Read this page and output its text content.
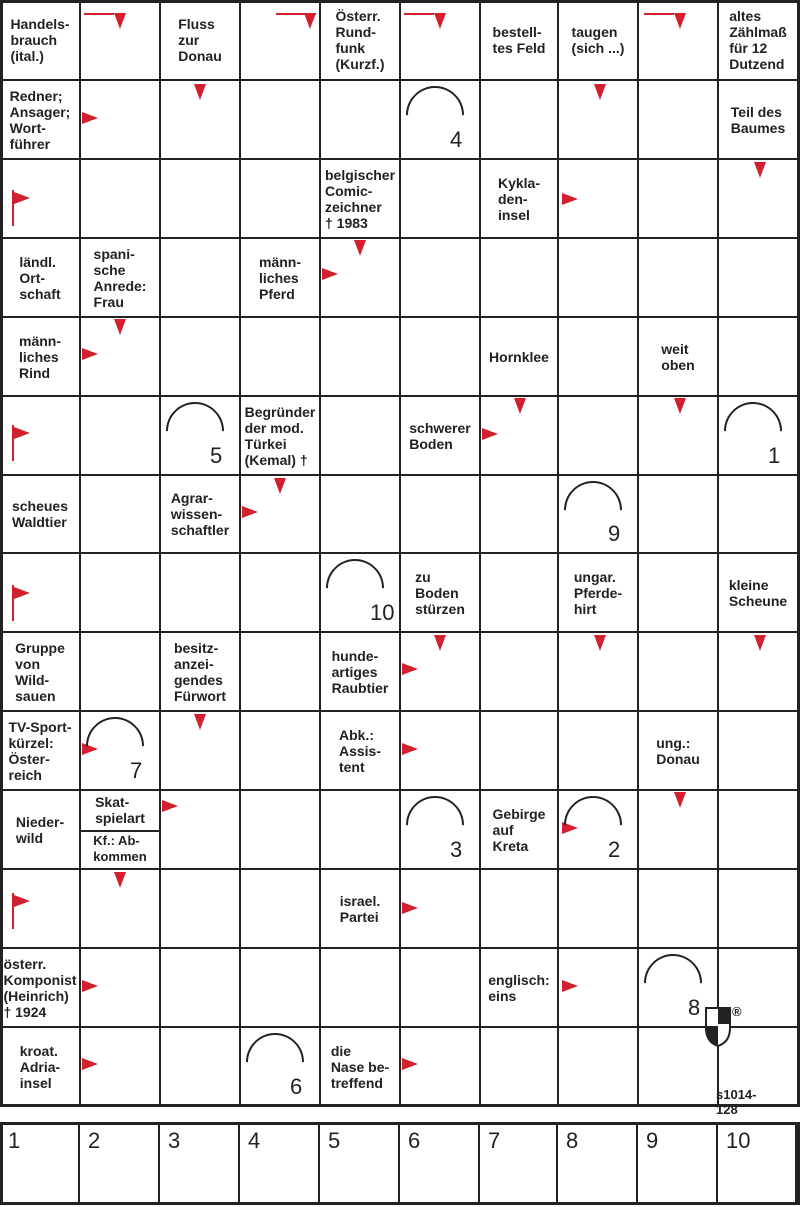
Handels-
brauch
(ital.)
Fluss
zur
Donau
Österr.
Rund-
funk
(Kurzf.)
bestell-
tes Feld
taugen
(sich ...)
altes
Zählmaß
für 12
Dutzend
Redner;
Ansager;
Wort-
führer
Teil des
Baumes
belgischer
Comic-
zeichner
† 1983
Kykla-
den-
insel
ländl.
Ort-
schaft
spani-
sche
Anrede:
Frau
männ-
liches
Pferd
männ-
liches
Rind
Hornklee	weit
oben
Begründer
der mod.
Türkei
(Kemal) †
schwerer
Boden
scheues
Waldtier
Agrar-
wissen-
schaftler
zu
Boden
stürzen
ungar.
Pferde-
hirt
kleine
Scheune
Gruppe
von
Wild-
sauen
besitz-
anzei-
gendes
Fürwort
hunde-
artiges
Raubtier
TV-Sport-
kürzel:
Öster-
reich
Abk.:
Assis-
tent
ung.:
Donau
Nieder-
wild
Gebirge
auf
Kreta
israel.
Partei
österr.
Komponist
(Heinrich)
† 1924
englisch:
eins
kroat.
Adria-
insel
die
Nase be-
treffend
Skat-
spielart
Kf.: Ab-
kommen
4
5	1
9
10
7
3	2
8
6
®
s1014-128
1	2	3	4	5	6	7	8	9	10
